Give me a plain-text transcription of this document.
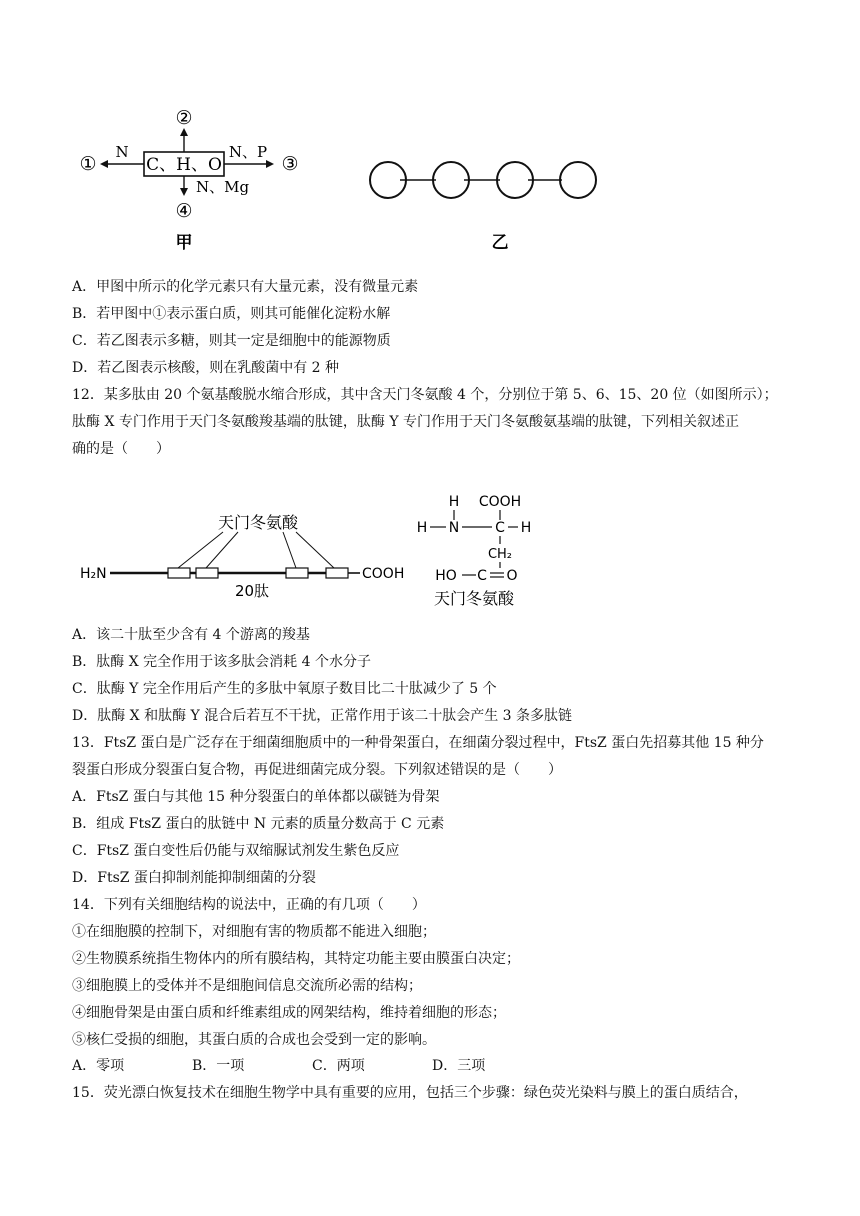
C、H、O
N
①
N、P
③
②
N、Mg
④
甲	乙
A．甲图中所示的化学元素只有大量元素，没有微量元素
B．若甲图中①表示蛋白质，则其可能催化淀粉水解
C．若乙图表示多糖，则其一定是细胞中的能源物质
D．若乙图表示核酸，则在乳酸菌中有 2 种
12．某多肽由 20 个氨基酸脱水缩合形成，其中含天门冬氨酸 4 个，分别位于第 5、6、15、20 位（如图所示）；
肽酶 X 专门作用于天门冬氨酸羧基端的肽键，肽酶 Y 专门作用于天门冬氨酸氨基端的肽键，下列相关叙述正
确的是（　　）
天门冬氨酸
H₂N	COOH
20肽
H COOH
H N	C H
CH₂
HO C O
天门冬氨酸
A．该二十肽至少含有 4 个游离的羧基
B．肽酶 X 完全作用于该多肽会消耗 4 个水分子
C．肽酶 Y 完全作用后产生的多肽中氧原子数目比二十肽减少了 5 个
D．肽酶 X 和肽酶 Y 混合后若互不干扰，正常作用于该二十肽会产生 3 条多肽链
13．FtsZ 蛋白是广泛存在于细菌细胞质中的一种骨架蛋白，在细菌分裂过程中，FtsZ 蛋白先招募其他 15 种分
裂蛋白形成分裂蛋白复合物，再促进细菌完成分裂。下列叙述错误的是（　　）
A．FtsZ 蛋白与其他 15 种分裂蛋白的单体都以碳链为骨架
B．组成 FtsZ 蛋白的肽链中 N 元素的质量分数高于 C 元素
C．FtsZ 蛋白变性后仍能与双缩脲试剂发生紫色反应
D．FtsZ 蛋白抑制剂能抑制细菌的分裂
14．下列有关细胞结构的说法中，正确的有几项（　　）
①在细胞膜的控制下，对细胞有害的物质都不能进入细胞；
②生物膜系统指生物体内的所有膜结构，其特定功能主要由膜蛋白决定；
③细胞膜上的受体并不是细胞间信息交流所必需的结构；
④细胞骨架是由蛋白质和纤维素组成的网架结构，维持着细胞的形态；
⑤核仁受损的细胞，其蛋白质的合成也会受到一定的影响。
A．零项	B．一项	C．两项	D．三项
15．荧光漂白恢复技术在细胞生物学中具有重要的应用，包括三个步骤：绿色荧光染料与膜上的蛋白质结合，
